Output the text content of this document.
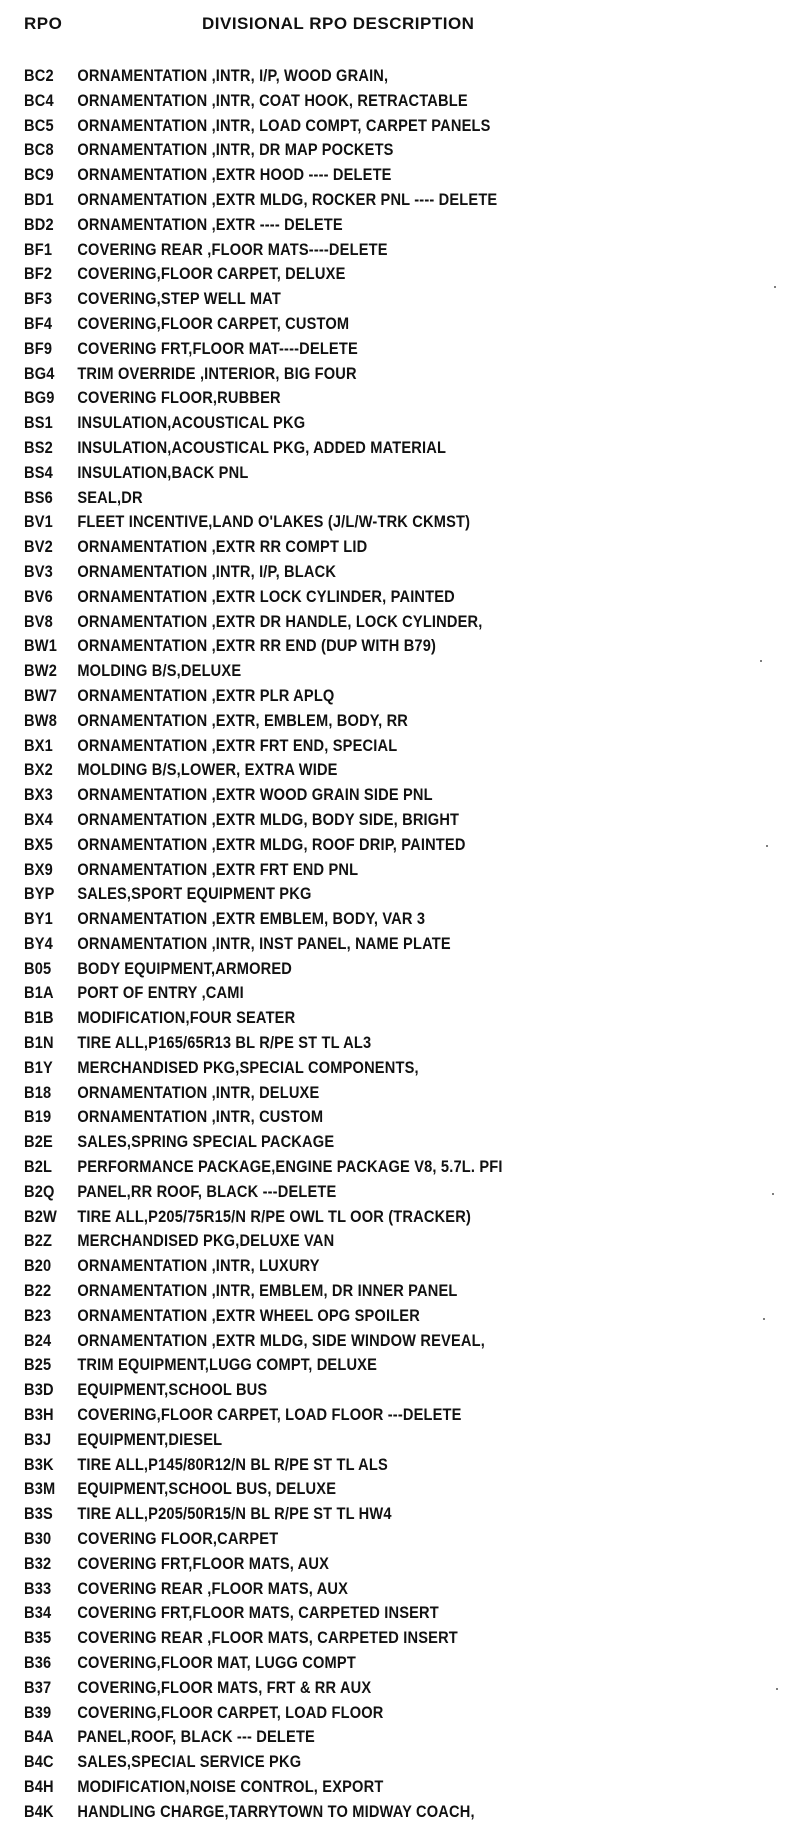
RPO	DIVISIONAL RPO DESCRIPTION
BC2	ORNAMENTATION ,INTR, I/P, WOOD GRAIN,
BC4	ORNAMENTATION ,INTR, COAT HOOK, RETRACTABLE
BC5	ORNAMENTATION ,INTR, LOAD COMPT, CARPET PANELS
BC8	ORNAMENTATION ,INTR, DR MAP POCKETS
BC9	ORNAMENTATION ,EXTR HOOD ---- DELETE
BD1	ORNAMENTATION ,EXTR MLDG, ROCKER PNL ---- DELETE
BD2	ORNAMENTATION ,EXTR ---- DELETE
BF1	COVERING REAR ,FLOOR MATS----DELETE
BF2	COVERING,FLOOR CARPET, DELUXE
BF3	COVERING,STEP WELL MAT
BF4	COVERING,FLOOR CARPET, CUSTOM
BF9	COVERING FRT,FLOOR MAT----DELETE
BG4	TRIM OVERRIDE ,INTERIOR, BIG FOUR
BG9	COVERING FLOOR,RUBBER
BS1	INSULATION,ACOUSTICAL PKG
BS2	INSULATION,ACOUSTICAL PKG, ADDED MATERIAL
BS4	INSULATION,BACK PNL
BS6	SEAL,DR
BV1	FLEET INCENTIVE,LAND O'LAKES (J/L/W-TRK CKMST)
BV2	ORNAMENTATION ,EXTR RR COMPT LID
BV3	ORNAMENTATION ,INTR, I/P, BLACK
BV6	ORNAMENTATION ,EXTR LOCK CYLINDER, PAINTED
BV8	ORNAMENTATION ,EXTR DR HANDLE, LOCK CYLINDER,
BW1	ORNAMENTATION ,EXTR RR END (DUP WITH B79)
BW2	MOLDING B/S,DELUXE
BW7	ORNAMENTATION ,EXTR PLR APLQ
BW8	ORNAMENTATION ,EXTR, EMBLEM, BODY, RR
BX1	ORNAMENTATION ,EXTR FRT END, SPECIAL
BX2	MOLDING B/S,LOWER, EXTRA WIDE
BX3	ORNAMENTATION ,EXTR WOOD GRAIN SIDE PNL
BX4	ORNAMENTATION ,EXTR MLDG, BODY SIDE, BRIGHT
BX5	ORNAMENTATION ,EXTR MLDG, ROOF DRIP, PAINTED
BX9	ORNAMENTATION ,EXTR FRT END PNL
BYP	SALES,SPORT EQUIPMENT PKG
BY1	ORNAMENTATION ,EXTR EMBLEM, BODY, VAR 3
BY4	ORNAMENTATION ,INTR, INST PANEL, NAME PLATE
B05	BODY EQUIPMENT,ARMORED
B1A	PORT OF ENTRY ,CAMI
B1B	MODIFICATION,FOUR SEATER
B1N	TIRE ALL,P165/65R13 BL R/PE ST TL AL3
B1Y	MERCHANDISED PKG,SPECIAL COMPONENTS,
B18	ORNAMENTATION ,INTR, DELUXE
B19	ORNAMENTATION ,INTR, CUSTOM
B2E	SALES,SPRING SPECIAL PACKAGE
B2L	PERFORMANCE PACKAGE,ENGINE PACKAGE V8, 5.7L. PFI
B2Q	PANEL,RR ROOF, BLACK ---DELETE
B2W	TIRE ALL,P205/75R15/N R/PE OWL TL OOR (TRACKER)
B2Z	MERCHANDISED PKG,DELUXE VAN
B20	ORNAMENTATION ,INTR, LUXURY
B22	ORNAMENTATION ,INTR, EMBLEM, DR INNER PANEL
B23	ORNAMENTATION ,EXTR WHEEL OPG SPOILER
B24	ORNAMENTATION ,EXTR MLDG, SIDE WINDOW REVEAL,
B25	TRIM EQUIPMENT,LUGG COMPT, DELUXE
B3D	EQUIPMENT,SCHOOL BUS
B3H	COVERING,FLOOR CARPET, LOAD FLOOR ---DELETE
B3J	EQUIPMENT,DIESEL
B3K	TIRE ALL,P145/80R12/N BL R/PE ST TL ALS
B3M	EQUIPMENT,SCHOOL BUS, DELUXE
B3S	TIRE ALL,P205/50R15/N BL R/PE ST TL HW4
B30	COVERING FLOOR,CARPET
B32	COVERING FRT,FLOOR MATS, AUX
B33	COVERING REAR ,FLOOR MATS, AUX
B34	COVERING FRT,FLOOR MATS, CARPETED INSERT
B35	COVERING REAR ,FLOOR MATS, CARPETED INSERT
B36	COVERING,FLOOR MAT, LUGG COMPT
B37	COVERING,FLOOR MATS, FRT & RR AUX
B39	COVERING,FLOOR CARPET, LOAD FLOOR
B4A	PANEL,ROOF, BLACK --- DELETE
B4C	SALES,SPECIAL SERVICE PKG
B4H	MODIFICATION,NOISE CONTROL, EXPORT
B4K	HANDLING CHARGE,TARRYTOWN TO MIDWAY COACH,
